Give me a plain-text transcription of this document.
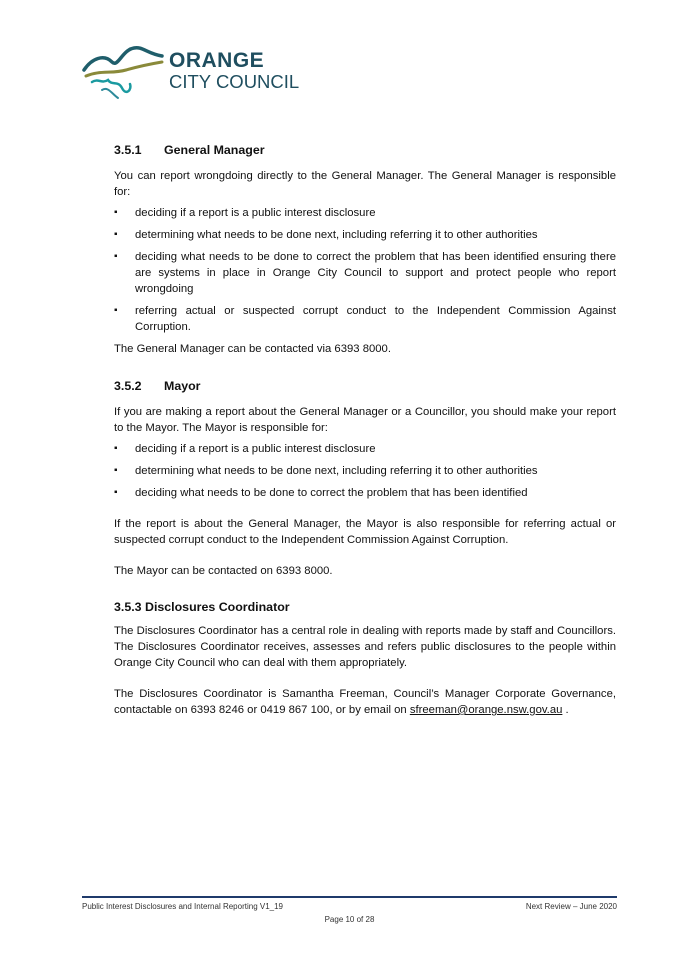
ORANGE
CITY COUNCIL
3.5.1 General Manager

You can report wrongdoing directly to the General Manager. The General Manager is responsible for:

▪ deciding if a report is a public interest disclosure
▪ determining what needs to be done next, including referring it to other authorities
▪ deciding what needs to be done to correct the problem that has been identified ensuring there are systems in place in Orange City Council to support and protect people who report wrongdoing
▪ referring actual or suspected corrupt conduct to the Independent Commission Against Corruption.

The General Manager can be contacted via 6393 8000.

3.5.2 Mayor

If you are making a report about the General Manager or a Councillor, you should make your report to the Mayor. The Mayor is responsible for:

▪ deciding if a report is a public interest disclosure
▪ determining what needs to be done next, including referring it to other authorities
▪ deciding what needs to be done to correct the problem that has been identified

If the report is about the General Manager, the Mayor is also responsible for referring actual or suspected corrupt conduct to the Independent Commission Against Corruption.

The Mayor can be contacted on 6393 8000.

3.5.3 Disclosures Coordinator

The Disclosures Coordinator has a central role in dealing with reports made by staff and Councillors. The Disclosures Coordinator receives, assesses and refers public disclosures to the people within Orange City Council who can deal with them appropriately.

The Disclosures Coordinator is Samantha Freeman, Council’s Manager Corporate Governance, contactable on 6393 8246 or 0419 867 100, or by email on sfreeman@orange.nsw.gov.au .

Public Interest Disclosures and Internal Reporting V1_19	Next Review – June 2020
Page 10 of 28
